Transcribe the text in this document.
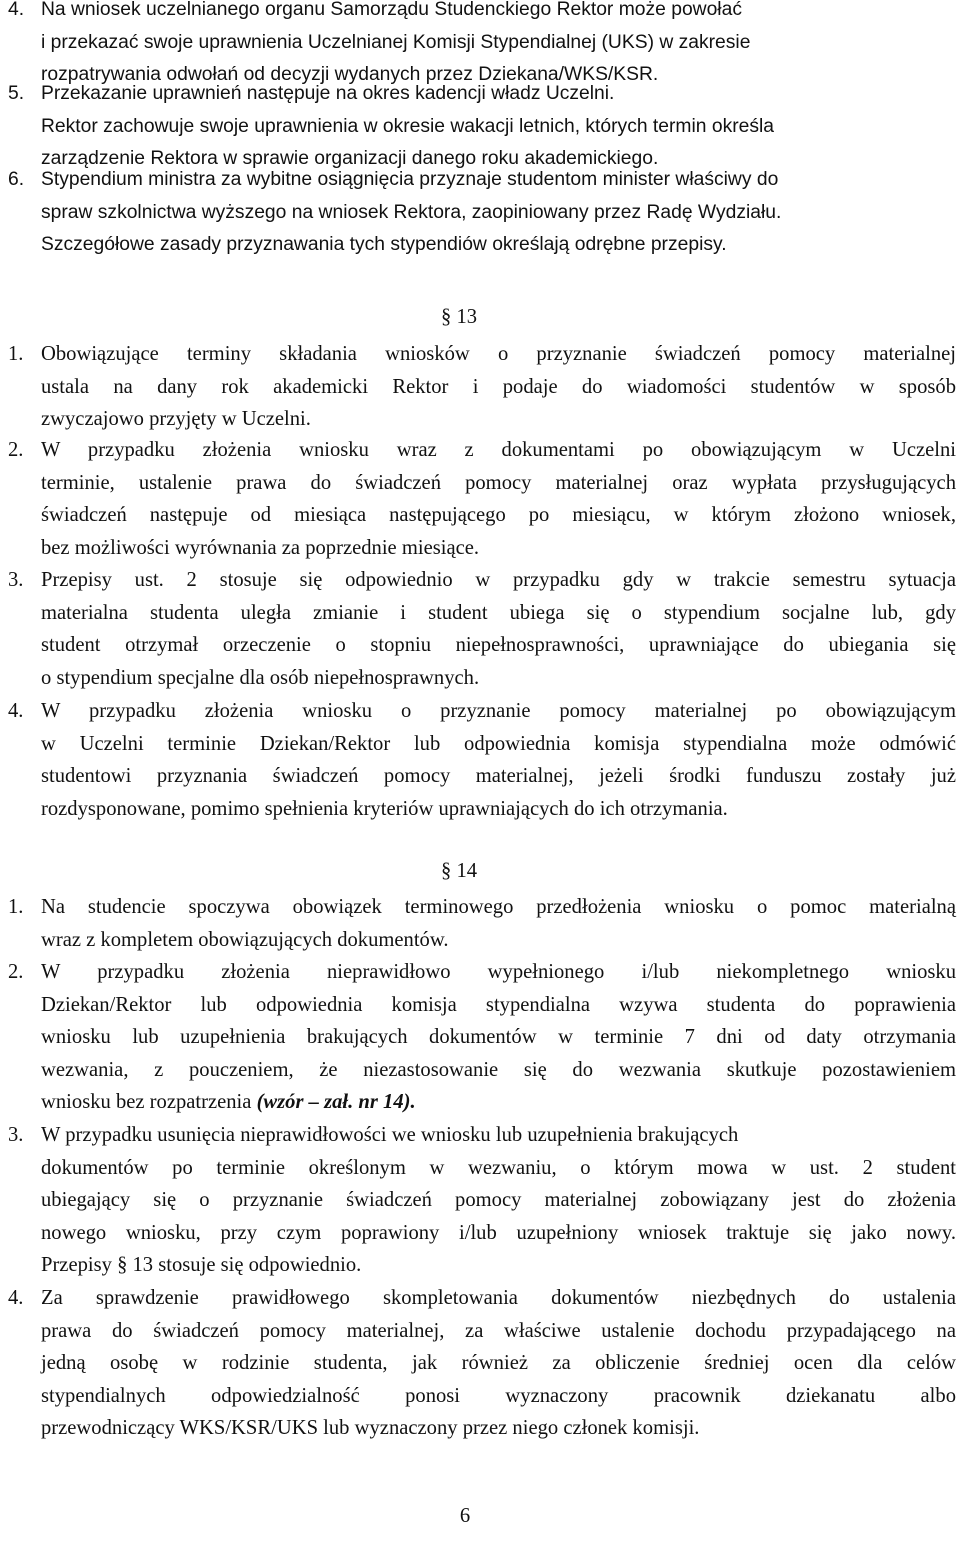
4. Na wniosek uczelnianego organu Samorządu Studenckiego Rektor może powołać
i przekazać swoje uprawnienia Uczelnianej Komisji Stypendialnej (UKS) w zakresie
rozpatrywania odwołań od decyzji wydanych przez Dziekana/WKS/KSR.
5. Przekazanie uprawnień następuje na okres kadencji władz Uczelni.
Rektor zachowuje swoje uprawnienia w okresie wakacji letnich, których termin określa
zarządzenie Rektora w sprawie organizacji danego roku akademickiego.
6. Stypendium ministra za wybitne osiągnięcia przyznaje studentom minister właściwy do
spraw szkolnictwa wyższego na wniosek Rektora, zaopiniowany przez Radę Wydziału.
Szczegółowe zasady przyznawania tych stypendiów określają odrębne przepisy.
§ 13
1. Obowiązujące terminy składania wniosków o przyznanie świadczeń pomocy materialnej
ustala na dany rok akademicki Rektor i podaje do wiadomości studentów w sposób
zwyczajowo przyjęty w Uczelni.
2. W przypadku złożenia wniosku wraz z dokumentami po obowiązującym w Uczelni
terminie, ustalenie prawa do świadczeń pomocy materialnej oraz wypłata przysługujących
świadczeń następuje od miesiąca następującego po miesiącu, w którym złożono wniosek,
bez możliwości wyrównania za poprzednie miesiące.
3. Przepisy ust. 2 stosuje się odpowiednio w przypadku gdy w trakcie semestru sytuacja
materialna studenta uległa zmianie i student ubiega się o stypendium socjalne lub, gdy
student otrzymał orzeczenie o stopniu niepełnosprawności, uprawniające do ubiegania się
o stypendium specjalne dla osób niepełnosprawnych.
4. W przypadku złożenia wniosku o przyznanie pomocy materialnej po obowiązującym
w Uczelni terminie Dziekan/Rektor lub odpowiednia komisja stypendialna może odmówić
studentowi przyznania świadczeń pomocy materialnej, jeżeli środki funduszu zostały już
rozdysponowane, pomimo spełnienia kryteriów uprawniających do ich otrzymania.
§ 14
1. Na studencie spoczywa obowiązek terminowego przedłożenia wniosku o pomoc materialną
wraz z kompletem obowiązujących dokumentów.
2. W przypadku złożenia nieprawidłowo wypełnionego i/lub niekompletnego wniosku
Dziekan/Rektor lub odpowiednia komisja stypendialna wzywa studenta do poprawienia
wniosku lub uzupełnienia brakujących dokumentów w terminie 7 dni od daty otrzymania
wezwania, z pouczeniem, że niezastosowanie się do wezwania skutkuje pozostawieniem
wniosku bez rozpatrzenia (wzór – zał. nr 14).
3. W przypadku usunięcia nieprawidłowości we wniosku lub uzupełnienia brakujących
dokumentów po terminie określonym w wezwaniu, o którym mowa w ust. 2 student
ubiegający się o przyznanie świadczeń pomocy materialnej zobowiązany jest do złożenia
nowego wniosku, przy czym poprawiony i/lub uzupełniony wniosek traktuje się jako nowy.
Przepisy § 13 stosuje się odpowiednio.
4. Za sprawdzenie prawidłowego skompletowania dokumentów niezbędnych do ustalenia
prawa do świadczeń pomocy materialnej, za właściwe ustalenie dochodu przypadającego na
jedną osobę w rodzinie studenta, jak również za obliczenie średniej ocen dla celów
stypendialnych odpowiedzialność ponosi wyznaczony pracownik dziekanatu albo
przewodniczący WKS/KSR/UKS lub wyznaczony przez niego członek komisji.
6
